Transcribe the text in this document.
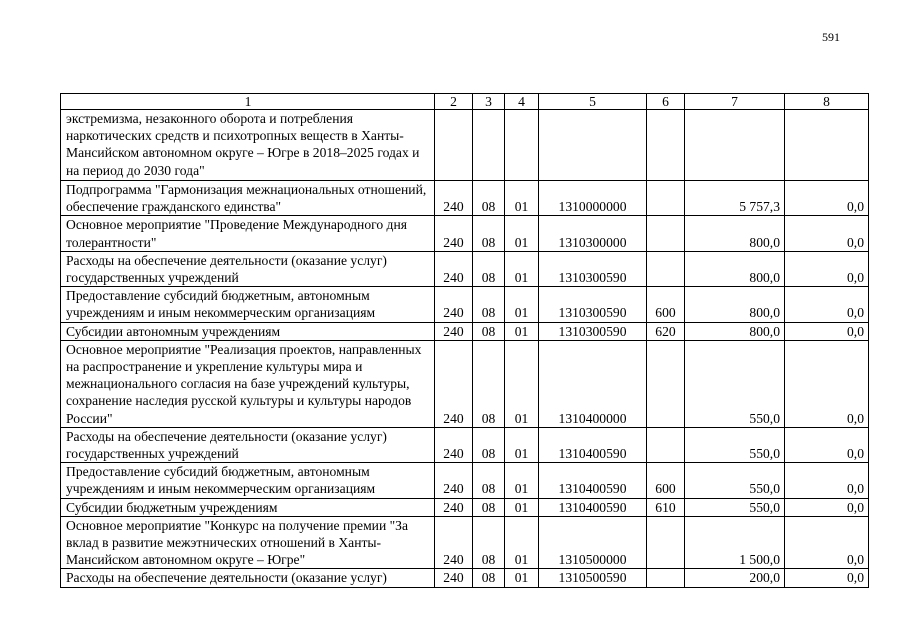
591
1	2	3	4	5	6	7	8
экстремизма, незаконного оборота и потребления наркотических средств и психотропных веществ в Ханты-Мансийском автономном округе – Югре в 2018–2025 годах и на период до 2030 года"							
Подпрограмма "Гармонизация межнациональных отношений, обеспечение гражданского единства"	240	08	01	1310000000		5 757,3	0,0
Основное мероприятие "Проведение Международного дня толерантности"	240	08	01	1310300000		800,0	0,0
Расходы на обеспечение деятельности (оказание услуг) государственных учреждений	240	08	01	1310300590		800,0	0,0
Предоставление субсидий бюджетным, автономным учреждениям и иным некоммерческим организациям	240	08	01	1310300590	600	800,0	0,0
Субсидии автономным учреждениям	240	08	01	1310300590	620	800,0	0,0
Основное мероприятие "Реализация проектов, направленных на распространение и укрепление культуры мира и межнационального согласия на базе учреждений культуры, сохранение наследия русской культуры и культуры народов России"	240	08	01	1310400000		550,0	0,0
Расходы на обеспечение деятельности (оказание услуг) государственных учреждений	240	08	01	1310400590		550,0	0,0
Предоставление субсидий бюджетным, автономным учреждениям и иным некоммерческим организациям	240	08	01	1310400590	600	550,0	0,0
Субсидии бюджетным учреждениям	240	08	01	1310400590	610	550,0	0,0
Основное мероприятие "Конкурс на получение премии "За вклад в развитие межэтнических отношений в Ханты-Мансийском автономном округе – Югре"	240	08	01	1310500000		1 500,0	0,0
Расходы на обеспечение деятельности (оказание услуг)	240	08	01	1310500590		200,0	0,0
